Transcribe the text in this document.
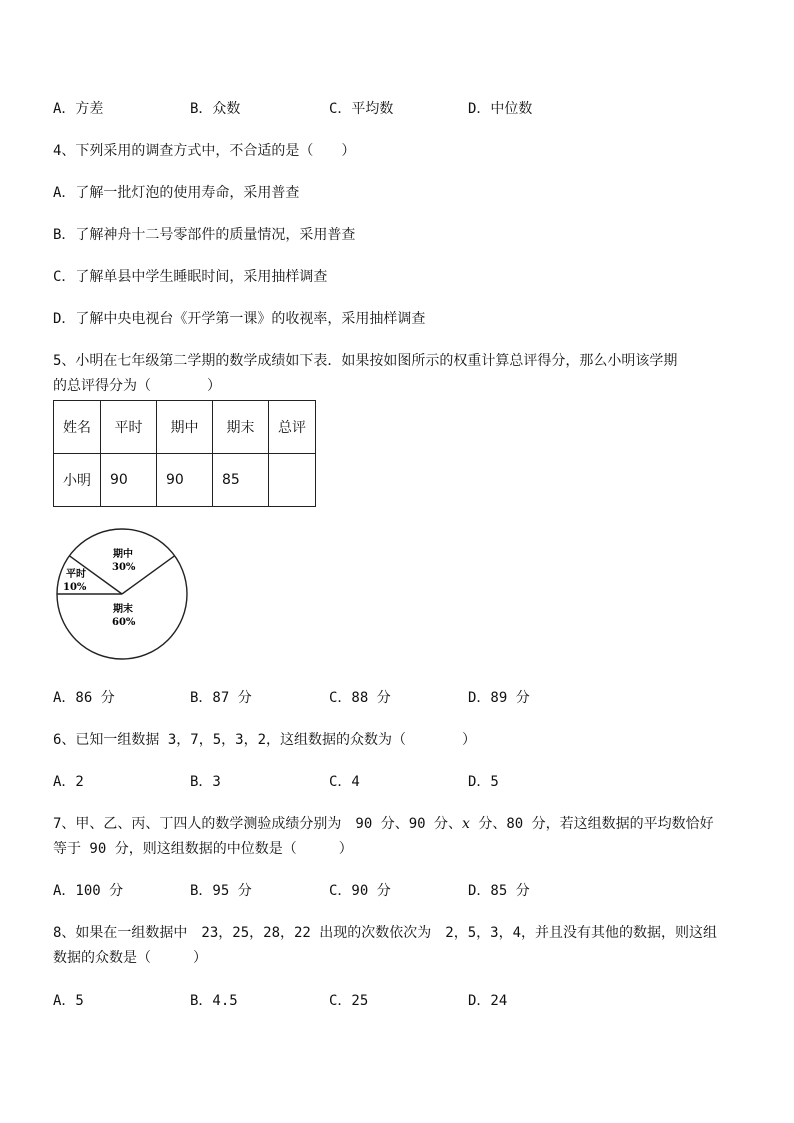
A．方差	B．众数	C．平均数	D．中位数
4、下列采用的调查方式中，不合适的是（　　）
A．了解一批灯泡的使用寿命，采用普查
B．了解神舟十二号零部件的质量情况，采用普查
C．了解单县中学生睡眠时间，采用抽样调查
D．了解中央电视台《开学第一课》的收视率，采用抽样调查
5、小明在七年级第二学期的数学成绩如下表．如果按如图所示的权重计算总评得分，那么小明该学期
的总评得分为（　　　　）
姓名	平时	期中	期末	总评
小明	90	90	85	
平时
10%
期中
30%
期末
60%
A．86 分	B．87 分	C．88 分	D．89 分
6、已知一组数据 3，7，5，3，2，这组数据的众数为（　　　　）
A．2	B．3	C．4	D．5
7、甲、乙、丙、丁四人的数学测验成绩分别为　90 分、90 分、x 分、80 分，若这组数据的平均数恰好
等于 90 分，则这组数据的中位数是（　　　）
A．100 分	B．95 分	C．90 分	D．85 分
8、如果在一组数据中　23，25，28，22 出现的次数依次为　2，5，3，4，并且没有其他的数据，则这组
数据的众数是（　　　）
A．5	B．4.5	C．25	D．24
